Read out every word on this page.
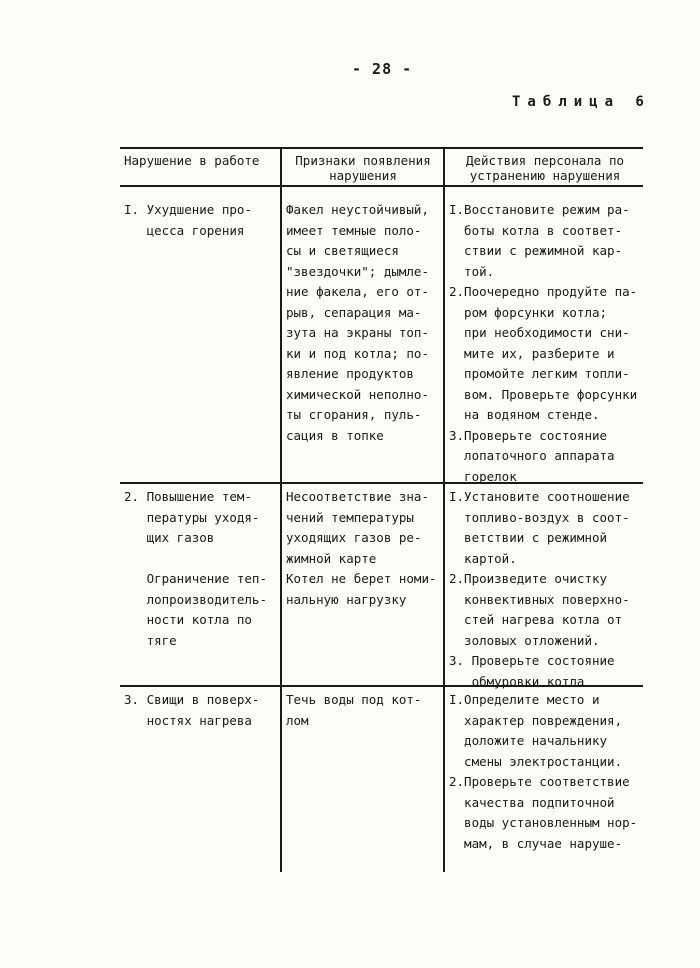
- 28 -
Таблица 6
Нарушение в работе	Признаки появления
нарушения
Действия персонала по
устранению нарушения
I. Ухудшение про-
цесса горения
Факел неустойчивый,
имеет темные поло-
сы и светящиеся
"звездочки"; дымле-
ние факела, его от-
рыв, сепарация ма-
зута на экраны топ-
ки и под котла; по-
явление продуктов
химической неполно-
ты сгорания, пуль-
сация в топке
I.Восстановите режим ра-
боты котла в соответ-
ствии с режимной кар-
той.
2.Поочередно продуйте па-
ром форсунки котла;
при необходимости сни-
мите их, разберите и
промойте легким топли-
вом. Проверьте форсунки
на водяном стенде.
3.Проверьте состояние
лопаточного аппарата
горелок
2. Повышение тем-
пературы уходя-
щих газов
Ограничение теп-
лопроизводитель-
ности котла по
тяге
Несоответствие зна-
чений температуры
уходящих газов ре-
жимной карте
Котел не берет номи-
нальную нагрузку
I.Установите соотношение
топливо-воздух в соот-
ветствии с режимной
картой.
2.Произведите очистку
конвективных поверхно-
стей нагрева котла от
золовых отложений.
3. Проверьте состояние
обмуровки котла
3. Свищи в поверх-
ностях нагрева
Течь воды под кот-
лом
I.Определите место и
характер повреждения,
доложите начальнику
смены электростанции.
2.Проверьте соответствие
качества подпиточной
воды установленным нор-
мам, в случае наруше-
